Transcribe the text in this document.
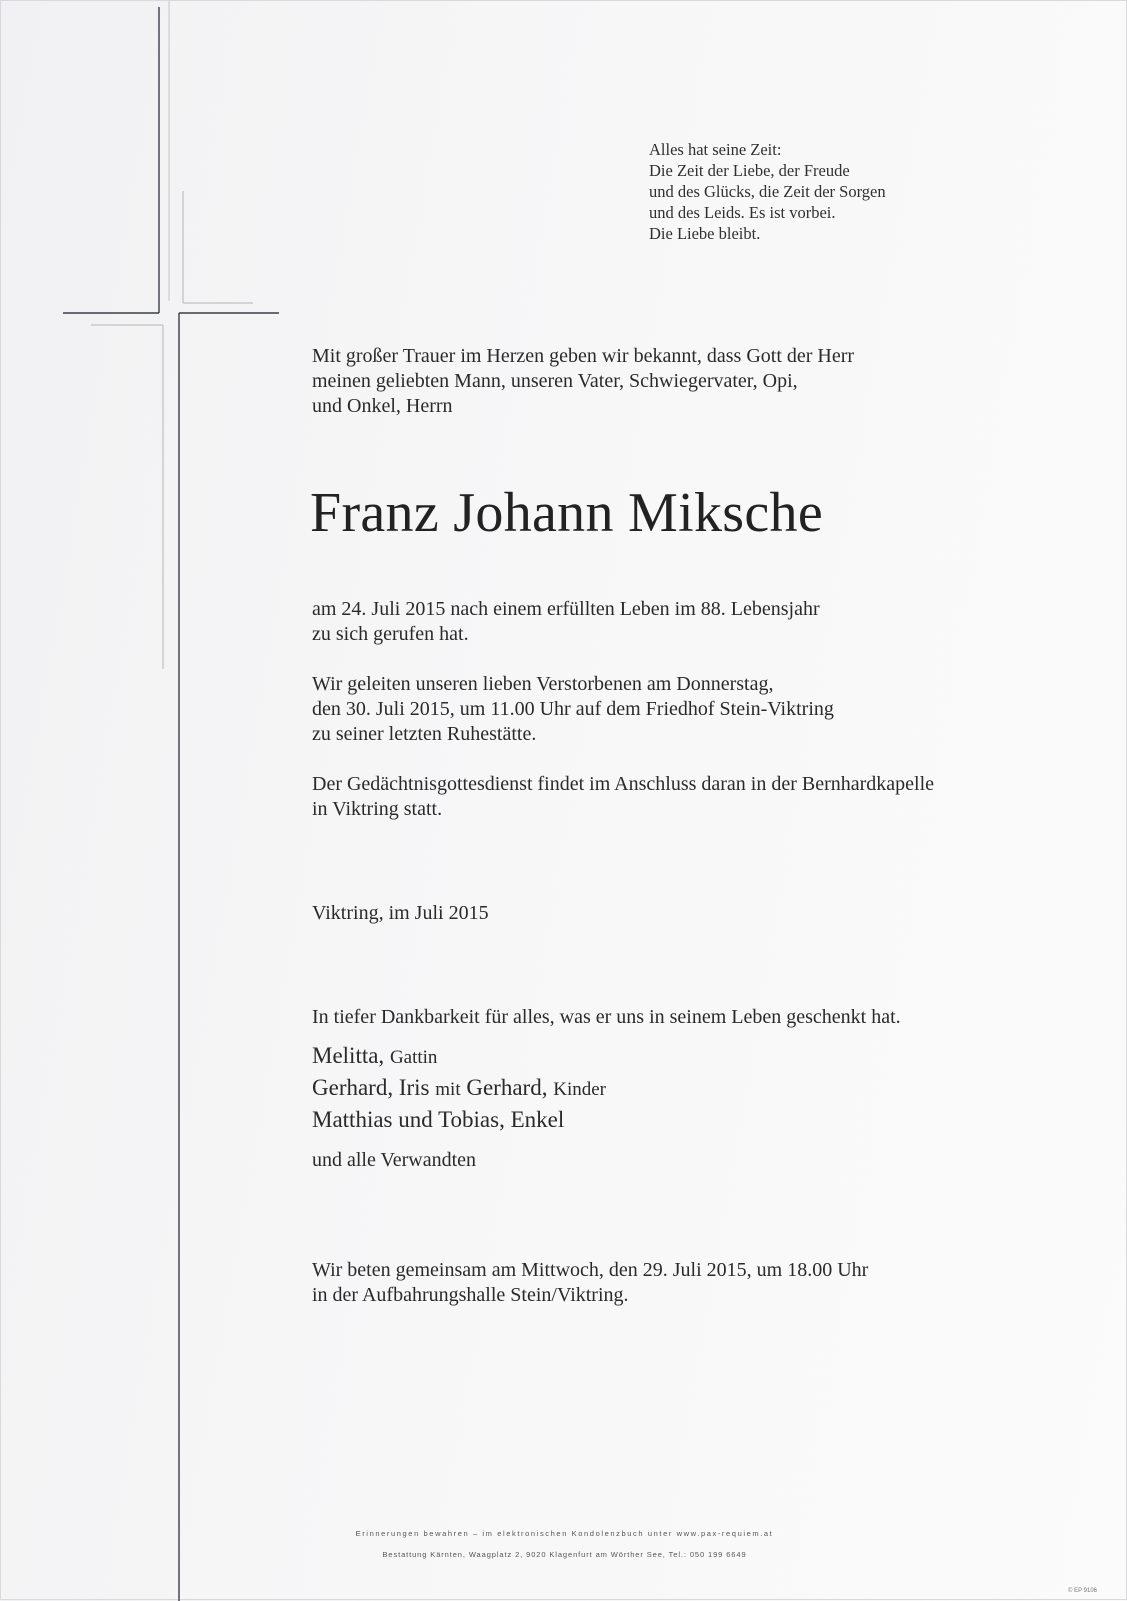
Alles hat seine Zeit:
Die Zeit der Liebe, der Freude
und des Glücks, die Zeit der Sorgen
und des Leids. Es ist vorbei.
Die Liebe bleibt.
Mit großer Trauer im Herzen geben wir bekannt, dass Gott der Herr
meinen geliebten Mann, unseren Vater, Schwiegervater, Opi,
und Onkel, Herrn
Franz Johann Miksche
am 24. Juli 2015 nach einem erfüllten Leben im 88. Lebensjahr
zu sich gerufen hat.
Wir geleiten unseren lieben Verstorbenen am Donnerstag,
den 30. Juli 2015, um 11.00 Uhr auf dem Friedhof Stein-Viktring
zu seiner letzten Ruhestätte.
Der Gedächtnisgottesdienst findet im Anschluss daran in der Bernhardkapelle
in Viktring statt.
Viktring, im Juli 2015
In tiefer Dankbarkeit für alles, was er uns in seinem Leben geschenkt hat.
Melitta, Gattin
Gerhard, Iris mit Gerhard, Kinder
Matthias und Tobias, Enkel
und alle Verwandten
Wir beten gemeinsam am Mittwoch, den 29. Juli 2015, um 18.00 Uhr
in der Aufbahrungshalle Stein/Viktring.
Erinnerungen bewahren – im elektronischen Kondolenzbuch unter www.pax-requiem.at
Bestattung Kärnten, Waagplatz 2, 9020 Klagenfurt am Wörther See, Tel.: 050 199 6649
© EP 9106
